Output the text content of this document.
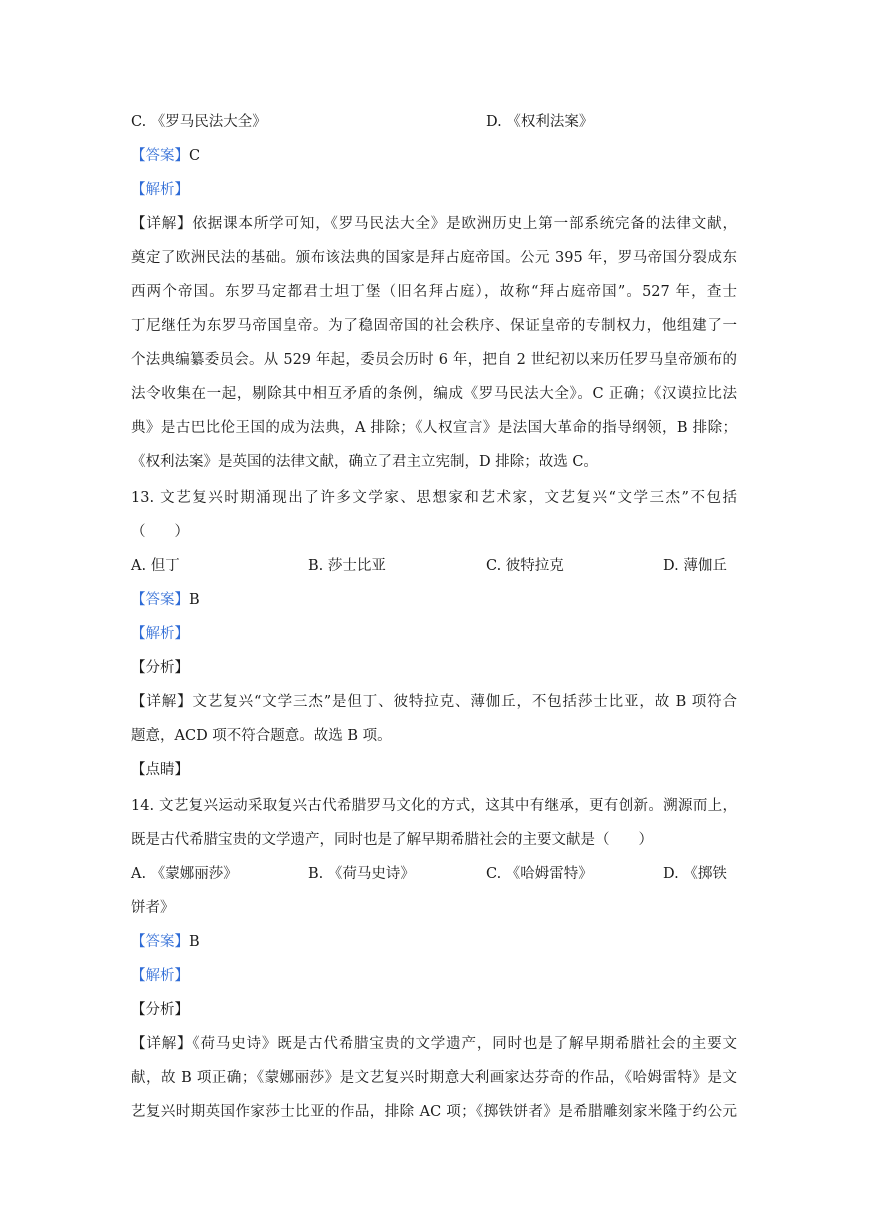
C. 《罗马民法大全》	D. 《权利法案》
【答案】C
【解析】
【详解】依据课本所学可知，《罗马民法大全》是欧洲历史上第一部系统完备的法律文献，
奠定了欧洲民法的基础。颁布该法典的国家是拜占庭帝国。公元 395 年，罗马帝国分裂成东
西两个帝国。东罗马定都君士坦丁堡（旧名拜占庭），故称“拜占庭帝国”。527 年，查士
丁尼继任为东罗马帝国皇帝。为了稳固帝国的社会秩序、保证皇帝的专制权力，他组建了一
个法典编纂委员会。从 529 年起，委员会历时 6 年，把自 2 世纪初以来历任罗马皇帝颁布的
法令收集在一起，剔除其中相互矛盾的条例，编成《罗马民法大全》。C 正确；《汉谟拉比法
典》是古巴比伦王国的成为法典，A 排除；《人权宣言》是法国大革命的指导纲领，B 排除；
《权利法案》是英国的法律文献，确立了君主立宪制，D 排除；故选 C。
13. 文艺复兴时期涌现出了许多文学家、思想家和艺术家，文艺复兴“文学三杰”不包括
（　　）
A. 但丁	B. 莎士比亚	C. 彼特拉克	D. 薄伽丘
【答案】B
【解析】
【分析】
【详解】文艺复兴“文学三杰”是但丁、彼特拉克、薄伽丘，不包括莎士比亚，故 B 项符合
题意，ACD 项不符合题意。故选 B 项。
【点睛】
14. 文艺复兴运动采取复兴古代希腊罗马文化的方式，这其中有继承，更有创新。溯源而上，
既是古代希腊宝贵的文学遗产，同时也是了解早期希腊社会的主要文献是（　　）
A. 《蒙娜丽莎》	B. 《荷马史诗》	C. 《哈姆雷特》	D. 《掷铁
饼者》
【答案】B
【解析】
【分析】
【详解】《荷马史诗》既是古代希腊宝贵的文学遗产，同时也是了解早期希腊社会的主要文
献，故 B 项正确；《蒙娜丽莎》是文艺复兴时期意大利画家达芬奇的作品，《哈姆雷特》是文
艺复兴时期英国作家莎士比亚的作品，排除 AC 项；《掷铁饼者》是希腊雕刻家米隆于约公元
